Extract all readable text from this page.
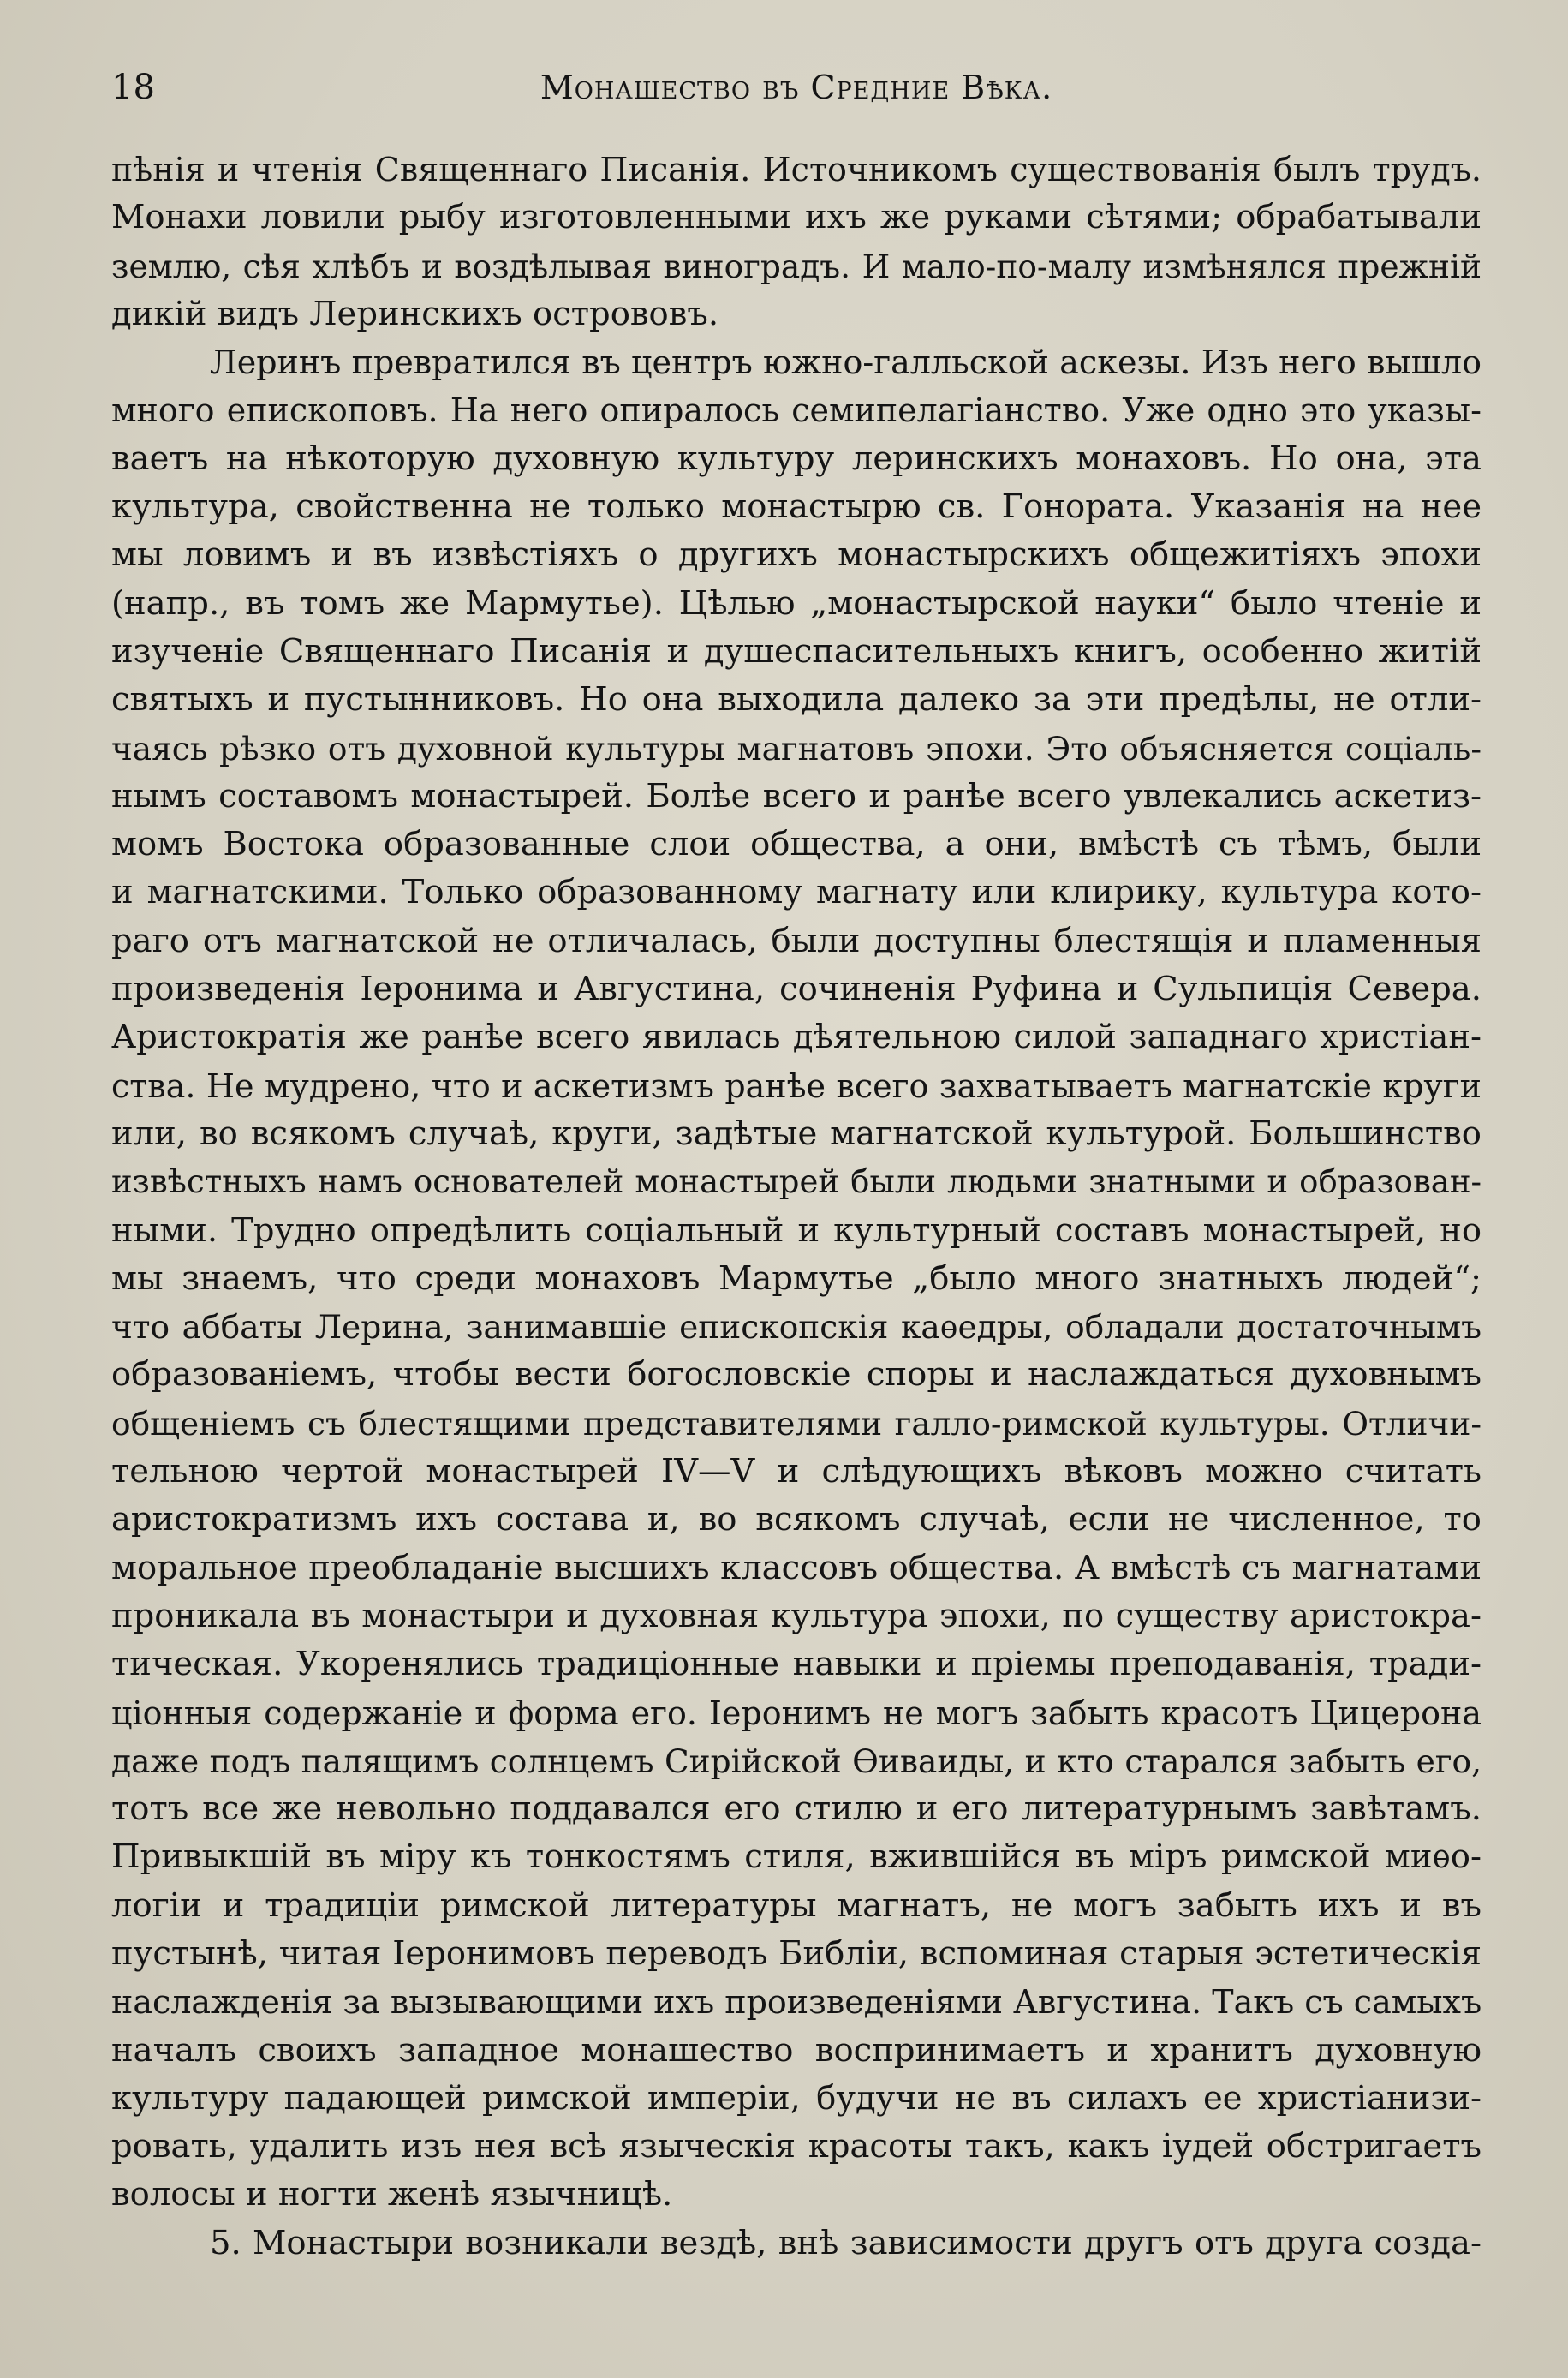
18	Монашество въ Средние Вѣка.
пѣнія и чтенія Священнаго Писанія. Источникомъ существованія былъ трудъ.
Монахи ловили рыбу изготовленными ихъ же руками сѣтями; обрабатывали
землю, сѣя хлѣбъ и воздѣлывая виноградъ. И мало-по-малу измѣнялся прежній
дикій видъ Леринскихъ острововъ.
Леринъ превратился въ центръ южно-галльской аскезы. Изъ него вышло
много епископовъ. На него опиралось семипелагіанство. Уже одно это указы-
ваетъ на нѣкоторую духовную культуру леринскихъ монаховъ. Но она, эта
культура, свойственна не только монастырю св. Гонората. Указанія на нее
мы ловимъ и въ извѣстіяхъ о другихъ монастырскихъ общежитіяхъ эпохи
(напр., въ томъ же Мармутье). Цѣлью „монастырской науки“ было чтеніе и
изученіе Священнаго Писанія и душеспасительныхъ книгъ, особенно житій
святыхъ и пустынниковъ. Но она выходила далеко за эти предѣлы, не отли-
чаясь рѣзко отъ духовной культуры магнатовъ эпохи. Это объясняется соціаль-
нымъ составомъ монастырей. Болѣе всего и ранѣе всего увлекались аскетиз-
момъ Востока образованные слои общества, а они, вмѣстѣ съ тѣмъ, были
и магнатскими. Только образованному магнату или клирику, культура кото-
раго отъ магнатской не отличалась, были доступны блестящія и пламенныя
произведенія Іеронима и Августина, сочиненія Руфина и Сульпиція Севера.
Аристократія же ранѣе всего явилась дѣятельною силой западнаго христіан-
ства. Не мудрено, что и аскетизмъ ранѣе всего захватываетъ магнатскіе круги
или, во всякомъ случаѣ, круги, задѣтые магнатской культурой. Большинство
извѣстныхъ намъ основателей монастырей были людьми знатными и образован-
ными. Трудно опредѣлить соціальный и культурный составъ монастырей, но
мы знаемъ, что среди монаховъ Мармутье „было много знатныхъ людей“;
что аббаты Лерина, занимавшіе епископскія каѳедры, обладали достаточнымъ
образованіемъ, чтобы вести богословскіе споры и наслаждаться духовнымъ
общеніемъ съ блестящими представителями галло-римской культуры. Отличи-
тельною чертой монастырей IV—V и слѣдующихъ вѣковъ можно считать
аристократизмъ ихъ состава и, во всякомъ случаѣ, если не численное, то
моральное преобладаніе высшихъ классовъ общества. А вмѣстѣ съ магнатами
проникала въ монастыри и духовная культура эпохи, по существу аристокра-
тическая. Укоренялись традиціонные навыки и пріемы преподаванія, тради-
ціонныя содержаніе и форма его. Іеронимъ не могъ забыть красотъ Цицерона
даже подъ палящимъ солнцемъ Сирійской Ѳиваиды, и кто старался забыть его,
тотъ все же невольно поддавался его стилю и его литературнымъ завѣтамъ.
Привыкшій въ міру къ тонкостямъ стиля, вжившійся въ міръ римской миѳо-
логіи и традиціи римской литературы магнатъ, не могъ забыть ихъ и въ
пустынѣ, читая Іеронимовъ переводъ Библіи, вспоминая старыя эстетическія
наслажденія за вызывающими ихъ произведеніями Августина. Такъ съ самыхъ
началъ своихъ западное монашество воспринимаетъ и хранитъ духовную
культуру падающей римской имперіи, будучи не въ силахъ ее христіанизи-
ровать, удалить изъ нея всѣ языческія красоты такъ, какъ іудей обстригаетъ
волосы и ногти женѣ язычницѣ.
5. Монастыри возникали вездѣ, внѣ зависимости другъ отъ друга созда-
